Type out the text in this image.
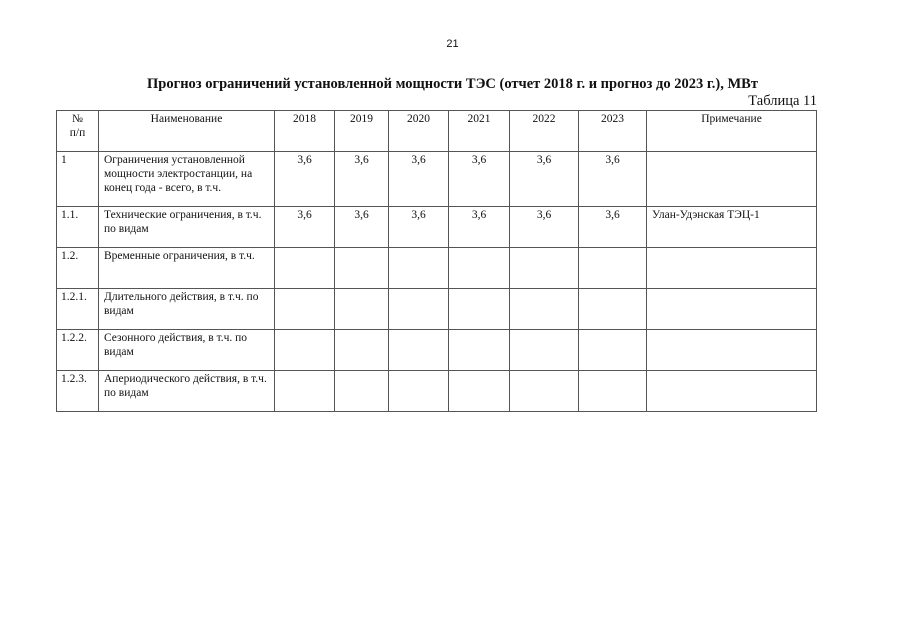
21
Прогноз ограничений установленной мощности ТЭС (отчет 2018 г. и прогноз до 2023 г.), МВт
Таблица 11
№
п/п	Наименование	2018	2019	2020	2021	2022	2023	Примечание
1	Ограничения установленной мощности электростанции, на конец года - всего, в т.ч.	3,6	3,6	3,6	3,6	3,6	3,6	
1.1.	Технические ограничения, в т.ч. по видам	3,6	3,6	3,6	3,6	3,6	3,6	Улан-Удэнская ТЭЦ-1
1.2.	Временные ограничения, в т.ч.							
1.2.1.	Длительного действия, в т.ч. по видам							
1.2.2.	Сезонного действия, в т.ч. по видам							
1.2.3.	Апериодического действия, в т.ч. по видам							
